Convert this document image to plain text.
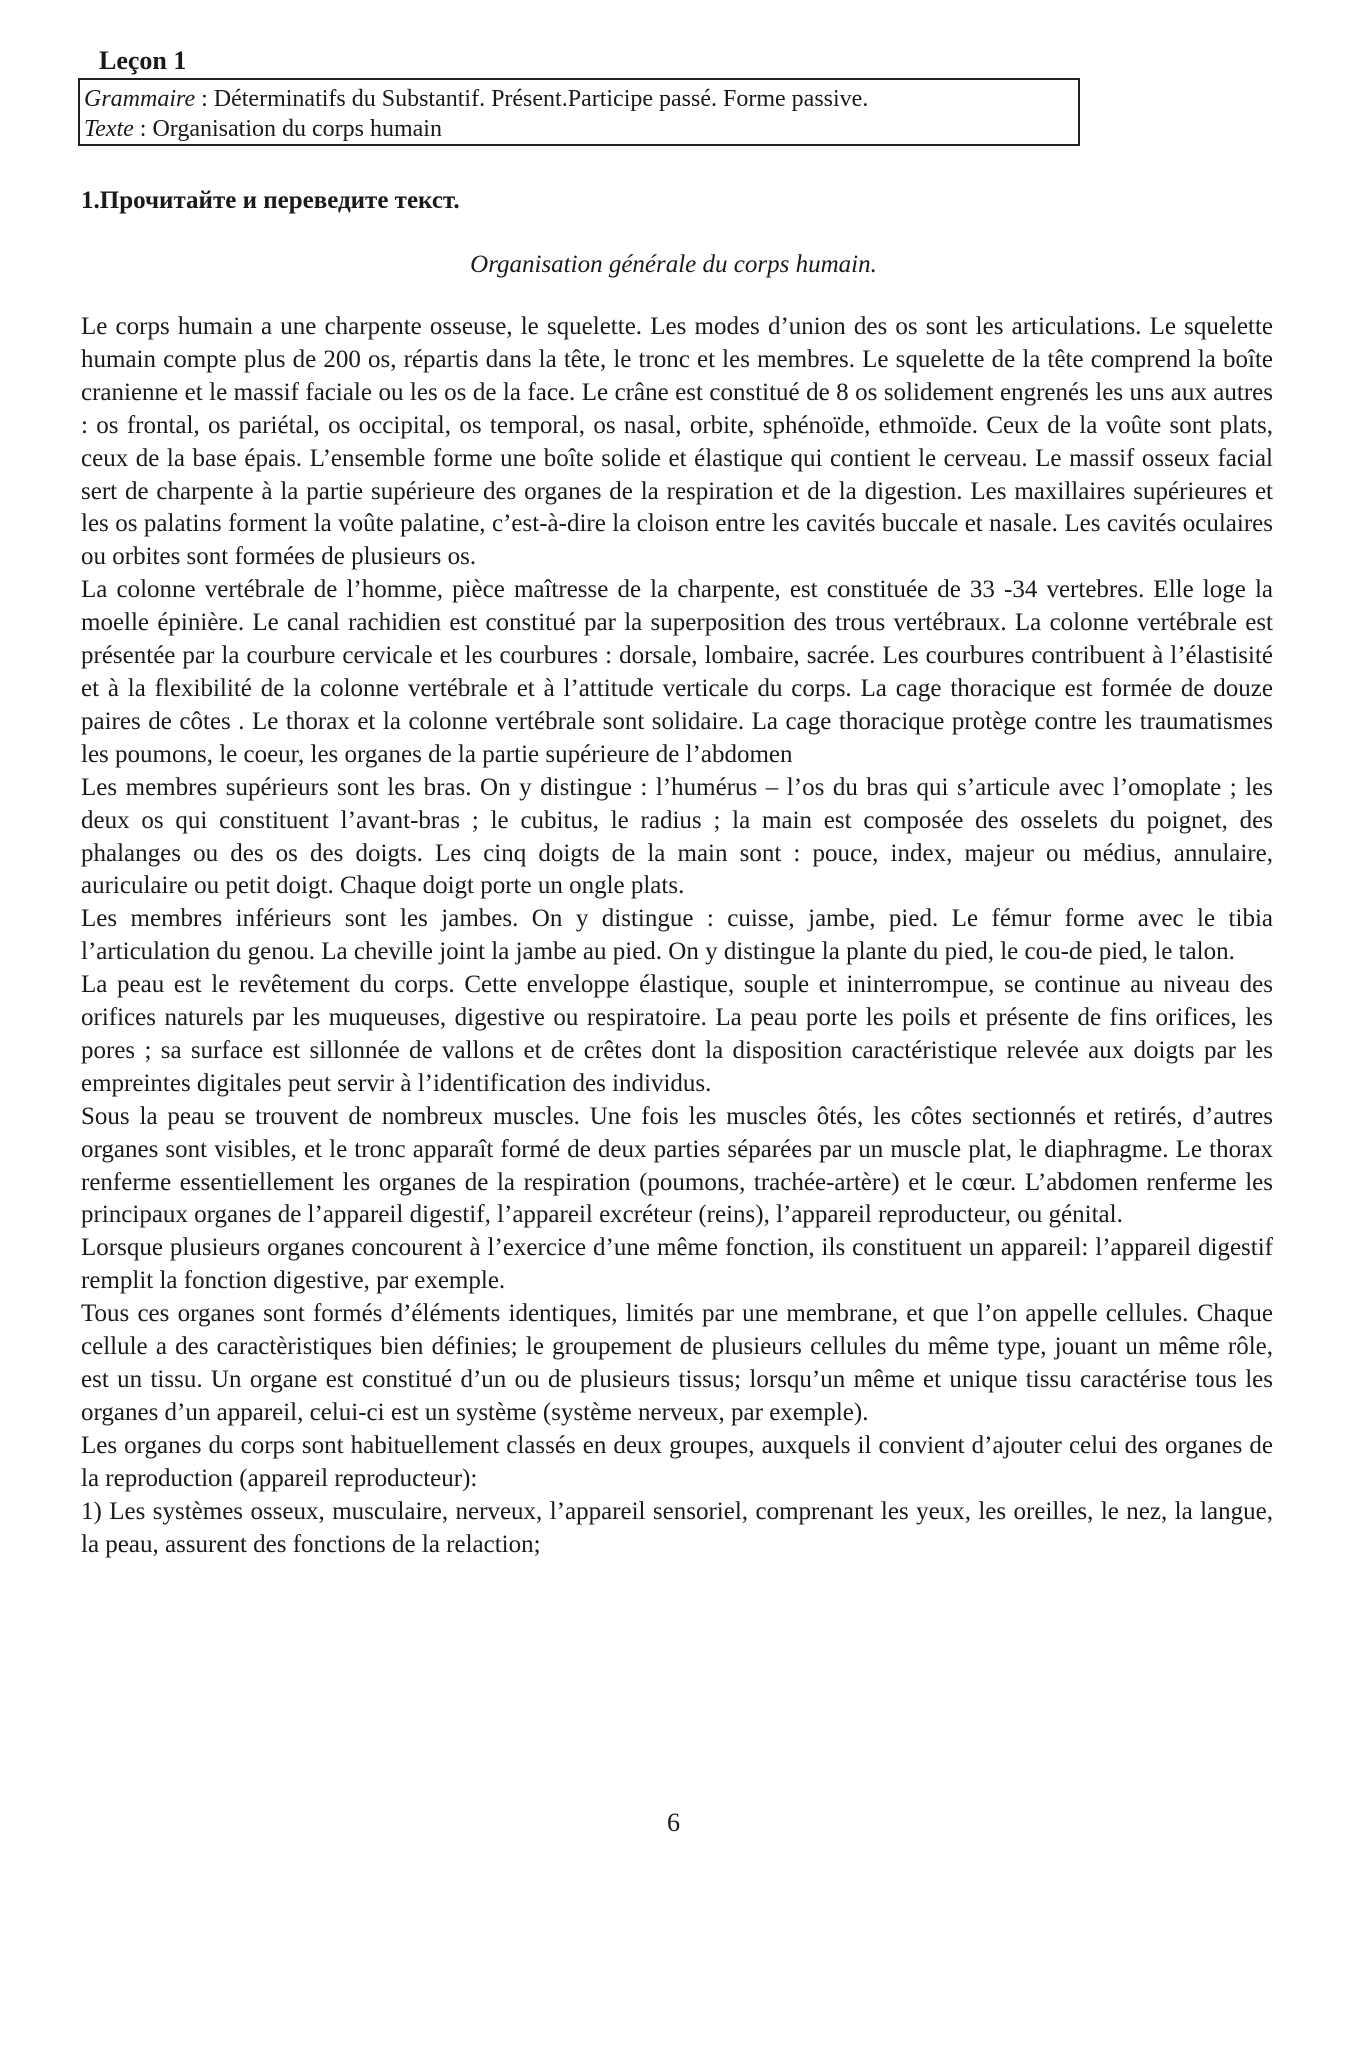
Leçon 1
Grammaire : Déterminatifs du Substantif. Présent.Participe passé. Forme passive.
Texte : Organisation du corps humain
1.Прочитайте и переведите текст.
Organisation générale du corps humain.

Le corps humain a une charpente osseuse, le squelette. Les modes d’union des os sont les articulations. Le squelette humain compte plus de 200 os, répartis dans la tête, le tronc et les membres. Le squelette de la tête comprend la boîte cranienne et le massif faciale ou les os de la face. Le crâne est constitué de 8 os solidement engrenés les uns aux autres : os frontal, os pariétal, os occipital, os temporal, os nasal, orbite, sphénoïde, ethmoïde. Ceux de la voûte sont plats, ceux de la base épais. L’ensemble forme une boîte solide et élastique qui contient le cerveau. Le massif osseux facial sert de charpente à la partie supérieure des organes de la respiration et de la digestion. Les maxillaires supérieures et les os palatins forment la voûte palatine, c’est-à-dire la cloison entre les cavités buccale et nasale. Les cavités oculaires ou orbites sont formées de plusieurs os.

La colonne vertébrale de l’homme, pièce maîtresse de la charpente, est constituée de 33 -34 vertebres. Elle loge la moelle épinière. Le canal rachidien est constitué par la superposition des trous vertébraux. La colonne vertébrale est présentée par la courbure cervicale et les courbures : dorsale, lombaire, sacrée. Les courbures contribuent à l’élastisité et à la flexibilité de la colonne vertébrale et à l’attitude verticale du corps. La cage thoracique est formée de douze paires de côtes . Le thorax et la colonne vertébrale sont solidaire. La cage thoracique protège contre les traumatismes les poumons, le coeur, les organes de la partie supérieure de l’abdomen

Les membres supérieurs sont les bras. On y distingue : l’humérus – l’os du bras qui s’articule avec l’omoplate ; les deux os qui constituent l’avant-bras ; le cubitus, le radius ; la main est composée des osselets du poignet, des phalanges ou des os des doigts. Les cinq doigts de la main sont : pouce, index, majeur ou médius, annulaire, auriculaire ou petit doigt. Chaque doigt porte un ongle plats.

Les membres inférieurs sont les jambes. On y distingue : cuisse, jambe, pied. Le fémur forme avec le tibia l’articulation du genou. La cheville joint la jambe au pied. On y distingue la plante du pied, le cou-de pied, le talon.

La peau est le revêtement du corps. Cette enveloppe élastique, souple et ininterrompue, se continue au niveau des orifices naturels par les muqueuses, digestive ou respiratoire. La peau porte les poils et présente de fins orifices, les pores ; sa surface est sillonnée de vallons et de crêtes dont la disposition caractéristique relevée aux doigts par les empreintes digitales peut servir à l’identification des individus.

Sous la peau se trouvent de nombreux muscles. Une fois les muscles ôtés, les côtes sectionnés et retirés, d’autres organes sont visibles, et le tronc apparaît formé de deux parties séparées par un muscle plat, le diaphragme. Le thorax renferme essentiellement les organes de la respiration (poumons, trachée-artère) et le cœur. L’abdomen renferme les principaux organes de l’appareil digestif, l’appareil excréteur (reins), l’appareil reproducteur, ou génital.

Lorsque plusieurs organes concourent à l’exercice d’une même fonction, ils constituent un appareil: l’appareil digestif remplit la fonction digestive, par exemple.

Tous ces organes sont formés d’éléments identiques, limités par une membrane, et que l’on appelle cellules. Chaque cellule a des caractèristiques bien définies; le groupement de plusieurs cellules du même type, jouant un même rôle, est un tissu. Un organe est constitué d’un ou de plusieurs tissus; lorsqu’un même et unique tissu caractérise tous les organes d’un appareil, celui-ci est un système (système nerveux, par exemple).

Les organes du corps sont habituellement classés en deux groupes, auxquels il convient d’ajouter celui des organes de la reproduction (appareil reproducteur):

1) Les systèmes osseux, musculaire, nerveux, l’appareil sensoriel, comprenant les yeux, les oreilles, le nez, la langue, la peau, assurent des fonctions de la relaction;

6
